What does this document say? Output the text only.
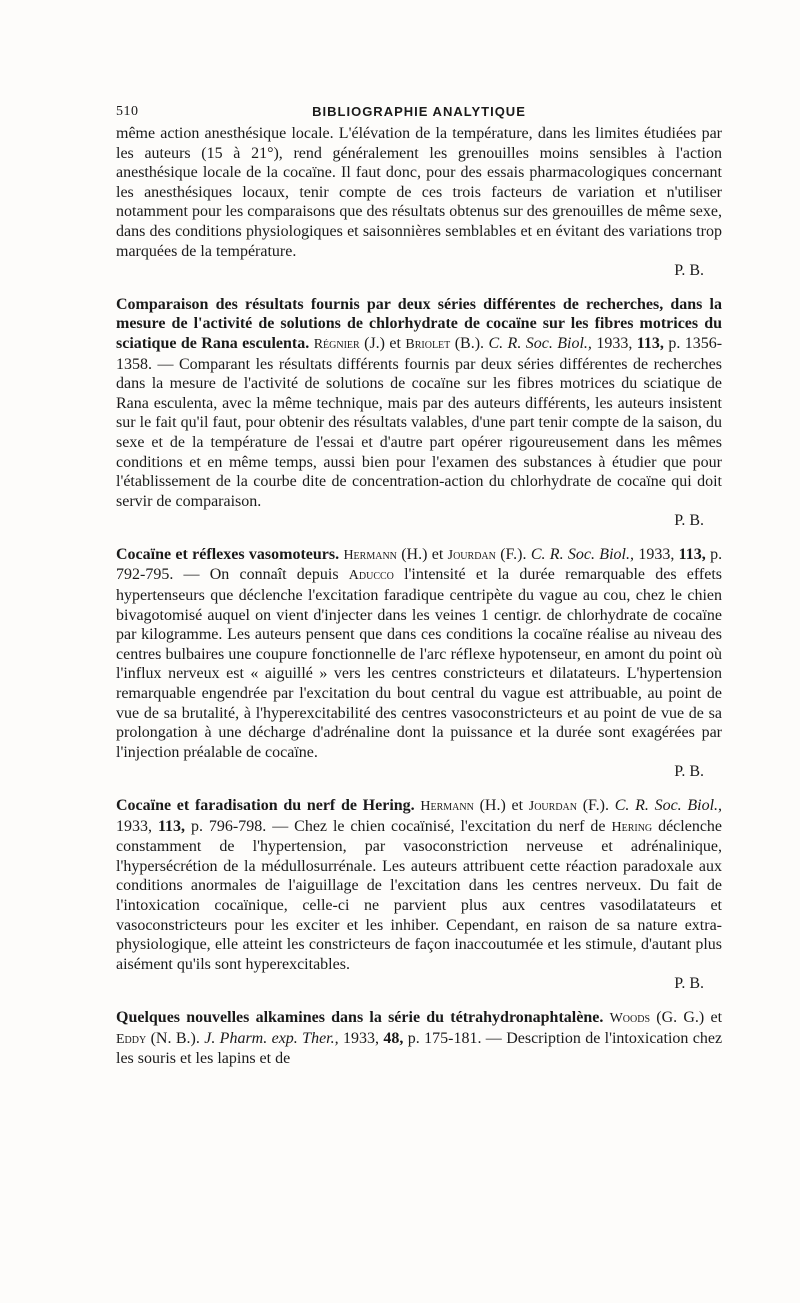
510	BIBLIOGRAPHIE ANALYTIQUE

même action anesthésique locale. L'élévation de la température, dans les limites étudiées par les auteurs (15 à 21°), rend généralement les grenouilles moins sensibles à l'action anesthésique locale de la cocaïne. Il faut donc, pour des essais pharmacologiques concernant les anesthésiques locaux, tenir compte de ces trois facteurs de variation et n'utiliser notamment pour les comparaisons que des résultats obtenus sur des grenouilles de même sexe, dans des conditions physiologiques et saisonnières semblables et en évitant des variations trop marquées de la température.

P. B.

Comparaison des résultats fournis par deux séries différentes de recherches, dans la mesure de l'activité de solutions de chlorhydrate de cocaïne sur les fibres motrices du sciatique de Rana esculenta. Régnier (J.) et Briolet (B.). C. R. Soc. Biol., 1933, 113, p. 1356-1358. — Comparant les résultats différents fournis par deux séries différentes de recherches dans la mesure de l'activité de solutions de cocaïne sur les fibres motrices du sciatique de Rana esculenta, avec la même technique, mais par des auteurs différents, les auteurs insistent sur le fait qu'il faut, pour obtenir des résultats valables, d'une part tenir compte de la saison, du sexe et de la température de l'essai et d'autre part opérer rigoureusement dans les mêmes conditions et en même temps, aussi bien pour l'examen des substances à étudier que pour l'établissement de la courbe dite de concentration-action du chlorhydrate de cocaïne qui doit servir de comparaison.

P. B.

Cocaïne et réflexes vasomoteurs. Hermann (H.) et Jourdan (F.). C. R. Soc. Biol., 1933, 113, p. 792-795. — On connaît depuis Aducco l'intensité et la durée remarquable des effets hypertenseurs que déclenche l'excitation faradique centripète du vague au cou, chez le chien bivagotomisé auquel on vient d'injecter dans les veines 1 centigr. de chlorhydrate de cocaïne par kilogramme. Les auteurs pensent que dans ces conditions la cocaïne réalise au niveau des centres bulbaires une coupure fonctionnelle de l'arc réflexe hypotenseur, en amont du point où l'influx nerveux est « aiguillé » vers les centres constricteurs et dilatateurs. L'hypertension remarquable engendrée par l'excitation du bout central du vague est attribuable, au point de vue de sa brutalité, à l'hyperexcitabilité des centres vasoconstricteurs et au point de vue de sa prolongation à une décharge d'adrénaline dont la puissance et la durée sont exagérées par l'injection préalable de cocaïne.

P. B.

Cocaïne et faradisation du nerf de Hering. Hermann (H.) et Jourdan (F.). C. R. Soc. Biol., 1933, 113, p. 796-798. — Chez le chien cocaïnisé, l'excitation du nerf de Hering déclenche constamment de l'hypertension, par vasoconstriction nerveuse et adrénalinique, l'hypersécrétion de la médullosurrénale. Les auteurs attribuent cette réaction paradoxale aux conditions anormales de l'aiguillage de l'excitation dans les centres nerveux. Du fait de l'intoxication cocaïnique, celle-ci ne parvient plus aux centres vasodilatateurs et vasoconstricteurs pour les exciter et les inhiber. Cependant, en raison de sa nature extra-physiologique, elle atteint les constricteurs de façon inaccoutumée et les stimule, d'autant plus aisément qu'ils sont hyperexcitables.

P. B.

Quelques nouvelles alkamines dans la série du tétrahydronaphtalène. Woods (G. G.) et Eddy (N. B.). J. Pharm. exp. Ther., 1933, 48, p. 175-181. — Description de l'intoxication chez les souris et les lapins et de
